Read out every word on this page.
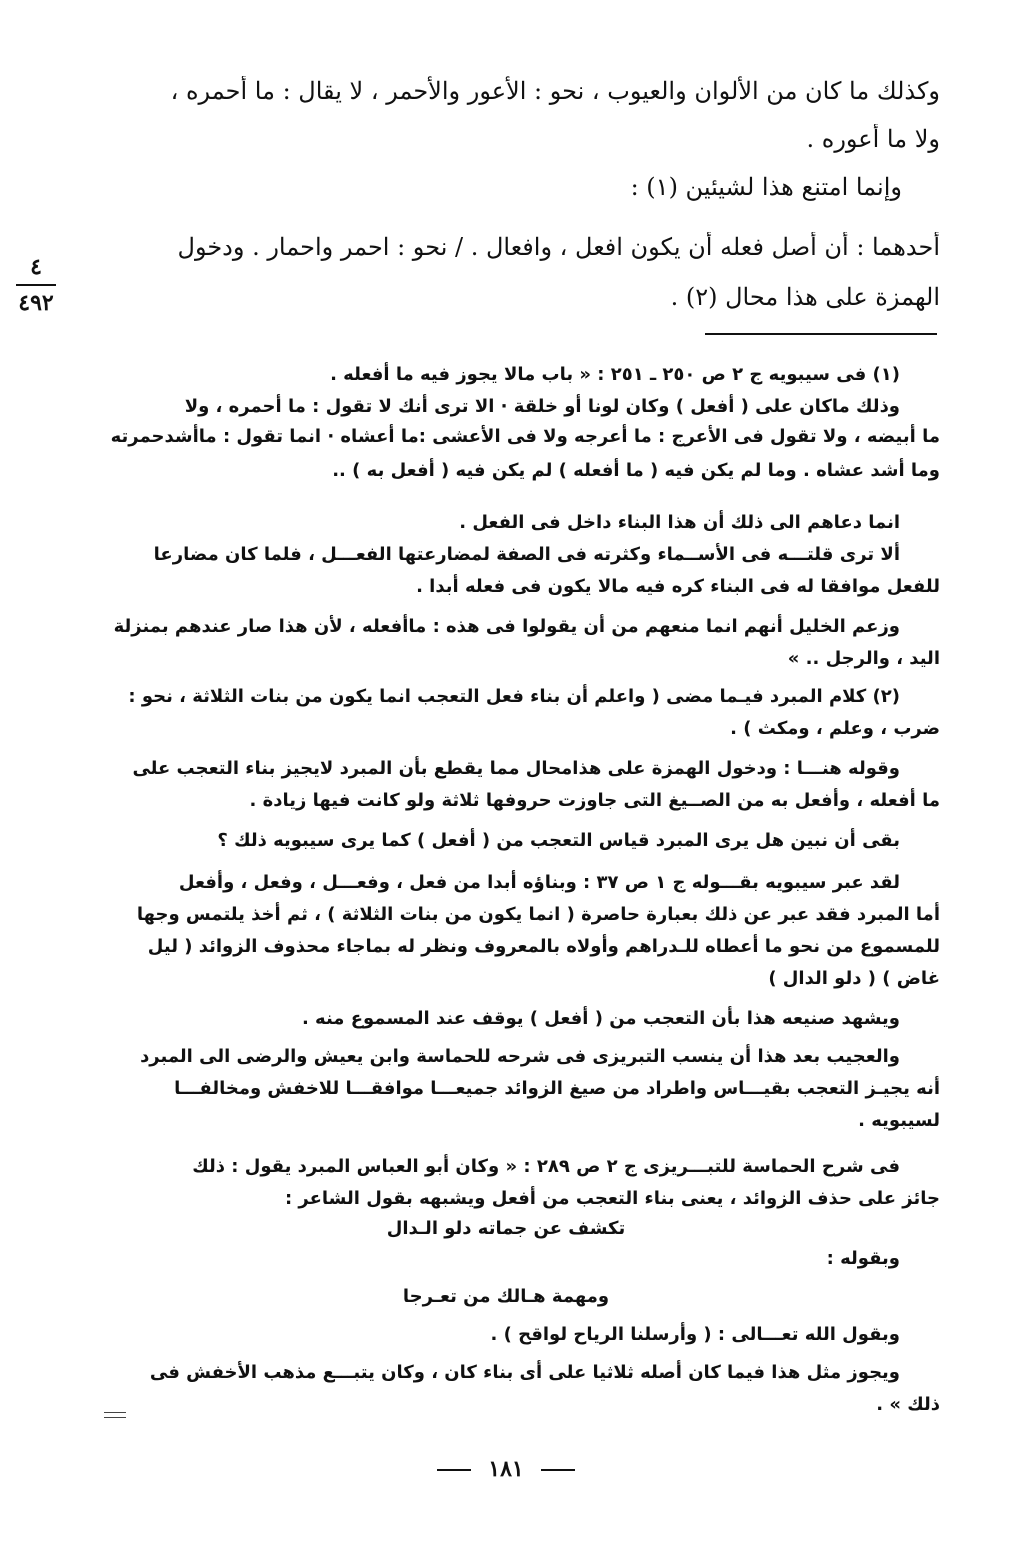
وكذلك ما كان من الألوان والعيوب ، نحو : الأعور والأحمر ، لا يقال : ما أحمره ،
ولا ما أعوره .
وإنما امتنع هذا لشيئين (١) :
أحدهما : أن أصل فعله أن يكون افعل ، وافعال . / نحو : احمر واحمار . ودخول
الهمزة على هذا محال (٢) .
٤
٤٩٢
(١) فى سيبويه ج ٢ ص ٢٥٠ ـ ٢٥١ : « باب مالا يجوز فيه ما أفعله .
وذلك ماكان على ( أفعل ) وكان لونا أو خلقة · الا ترى أنك لا تقول : ما أحمره ، ولا
ما أبيضه ، ولا تقول فى الأعرج : ما أعرجه ولا فى الأعشى :ما أعشاه · انما تقول : ماأشدحمرته
وما أشد عشاه . وما لم يكن فيه ( ما أفعله ) لم يكن فيه ( أفعل به ) ..
انما دعاهم الى ذلك أن هذا البناء داخل فى الفعل .
ألا ترى قلتـــه فى الأســماء وكثرته فى الصفة لمضارعتها الفعـــل ، فلما كان مضارعا
للفعل موافقا له فى البناء كره فيه مالا يكون فى فعله أبدا .
وزعم الخليل أنهم انما منعهم من أن يقولوا فى هذه : ماأفعله ، لأن هذا صار عندهم بمنزلة
اليد ، والرجل .. »
(٢) كلام المبرد فيـما مضى ( واعلم أن بناء فعل التعجب انما يكون من بنات الثلاثة ، نحو :
ضرب ، وعلم ، ومكث ) .
وقوله هنـــا : ودخول الهمزة على هذامحال مما يقطع بأن المبرد لايجيز بناء التعجب على
ما أفعله ، وأفعل به من الصــيغ التى جاوزت حروفها ثلاثة ولو كانت فيها زيادة .
بقى أن نبين هل يرى المبرد قياس التعجب من ( أفعل ) كما يرى سيبويه ذلك ؟
لقد عبر سيبويه بقـــوله ج ١ ص ٣٧ : وبناؤه أبدا من فعل ، وفعـــل ، وفعل ، وأفعل
أما المبرد فقد عبر عن ذلك بعبارة حاصرة ( انما يكون من بنات الثلاثة ) ، ثم أخذ يلتمس وجها
للمسموع من نحو ما أعطاه للـدراهم وأولاه بالمعروف ونظر له بماجاء محذوف الزوائد ( ليل
غاض ) ( دلو الدال )
ويشهد صنيعه هذا بأن التعجب من ( أفعل ) يوقف عند المسموع منه .
والعجيب بعد هذا أن ينسب التبريزى فى شرحه للحماسة وابن يعيش والرضى الى المبرد
أنه يجيـز التعجب بقيـــاس واطراد من صيغ الزوائد جميعـــا موافقـــا للاخفش ومخالفـــا
لسيبويه .
فى شرح الحماسة للتبـــريزى ج ٢ ص ٢٨٩ : « وكان أبو العباس المبرد يقول : ذلك
جائز على حذف الزوائد ، يعنى بناء التعجب من أفعل ويشبهه بقول الشاعر :
تكشف عن جماته دلو الـدال
وبقوله :
ومهمة هـالك من تعـرجا
وبقول الله تعـــالى : ( وأرسلنا الرياح لواقح ) .
ويجوز مثل هذا فيما كان أصله ثلاثيا على أى بناء كان ، وكان يتبـــع مذهب الأخفش فى
ذلك » .
١٨١
